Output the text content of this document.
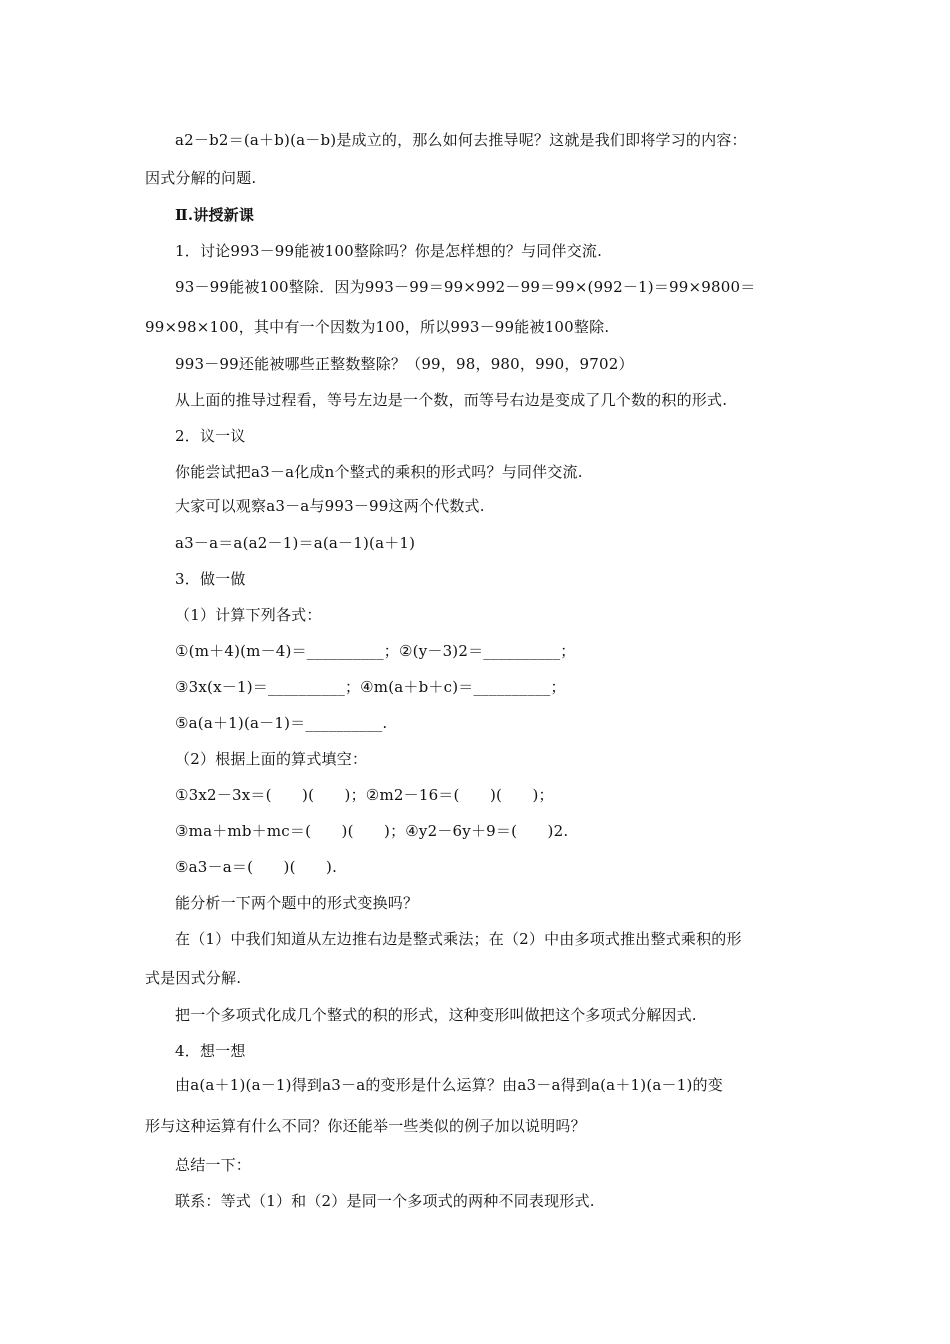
a2－b2＝(a＋b)(a－b)是成立的，那么如何去推导呢？这就是我们即将学习的内容：
因式分解的问题.
Ⅱ.讲授新课
1．讨论993－99能被100整除吗？你是怎样想的？与同伴交流.
93－99能被100整除．因为993－99＝99×992－99＝99×(992－1)＝99×9800＝
99×98×100，其中有一个因数为100，所以993－99能被100整除.
993－99还能被哪些正整数整除？（99，98，980，990，9702）
从上面的推导过程看，等号左边是一个数，而等号右边是变成了几个数的积的形式.
2．议一议
你能尝试把a3－a化成n个整式的乘积的形式吗？与同伴交流.
大家可以观察a3－a与993－99这两个代数式.
a3－a＝a(a2－1)＝a(a－1)(a＋1)
3．做一做
（1）计算下列各式：
①(m＋4)(m－4)＝__________；②(y－3)2＝__________；
③3x(x－1)＝__________；④m(a＋b＋c)＝__________；
⑤a(a＋1)(a－1)＝__________.
（2）根据上面的算式填空：
①3x2－3x＝(　　)(　　)；②m2－16＝(　　)(　　)；
③ma＋mb＋mc＝(　　)(　　)；④y2－6y＋9＝(　　)2.
⑤a3－a＝(　　)(　　).
能分析一下两个题中的形式变换吗？
在（1）中我们知道从左边推右边是整式乘法；在（2）中由多项式推出整式乘积的形
式是因式分解.
把一个多项式化成几个整式的积的形式，这种变形叫做把这个多项式分解因式.
4．想一想
由a(a＋1)(a－1)得到a3－a的变形是什么运算？由a3－a得到a(a＋1)(a－1)的变
形与这种运算有什么不同？你还能举一些类似的例子加以说明吗？
总结一下：
联系：等式（1）和（2）是同一个多项式的两种不同表现形式.
